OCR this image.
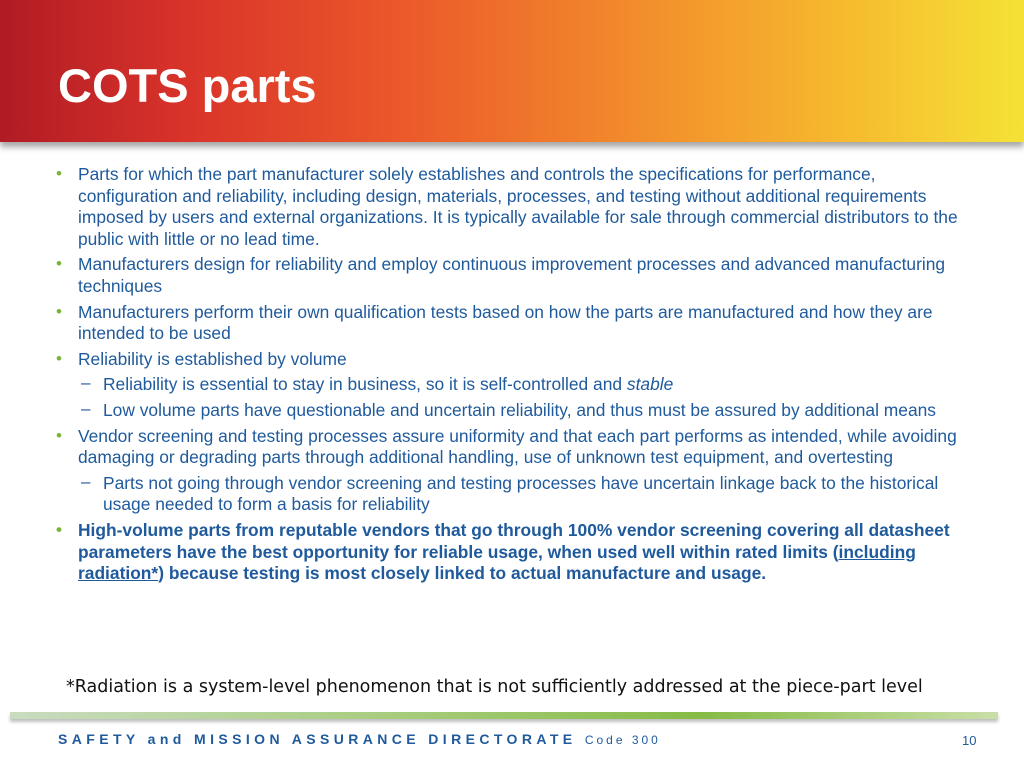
COTS parts
• Parts for which the part manufacturer solely establishes and controls the specifications for performance, configuration and reliability, including design, materials, processes, and testing without additional requirements imposed by users and external organizations. It is typically available for sale through commercial distributors to the public with little or no lead time.
• Manufacturers design for reliability and employ continuous improvement processes and advanced manufacturing techniques
• Manufacturers perform their own qualification tests based on how the parts are manufactured and how they are intended to be used
• Reliability is established by volume
– Reliability is essential to stay in business, so it is self-controlled and stable
– Low volume parts have questionable and uncertain reliability, and thus must be assured by additional means
• Vendor screening and testing processes assure uniformity and that each part performs as intended, while avoiding damaging or degrading parts through additional handling, use of unknown test equipment, and overtesting
– Parts not going through vendor screening and testing processes have uncertain linkage back to the historical usage needed to form a basis for reliability
• High-volume parts from reputable vendors that go through 100% vendor screening covering all datasheet parameters have the best opportunity for reliable usage, when used well within rated limits (including radiation*) because testing is most closely linked to actual manufacture and usage.
*Radiation is a system-level phenomenon that is not sufficiently addressed at the piece-part level
SAFETY and MISSION ASSURANCE DIRECTORATE Code 300	10
